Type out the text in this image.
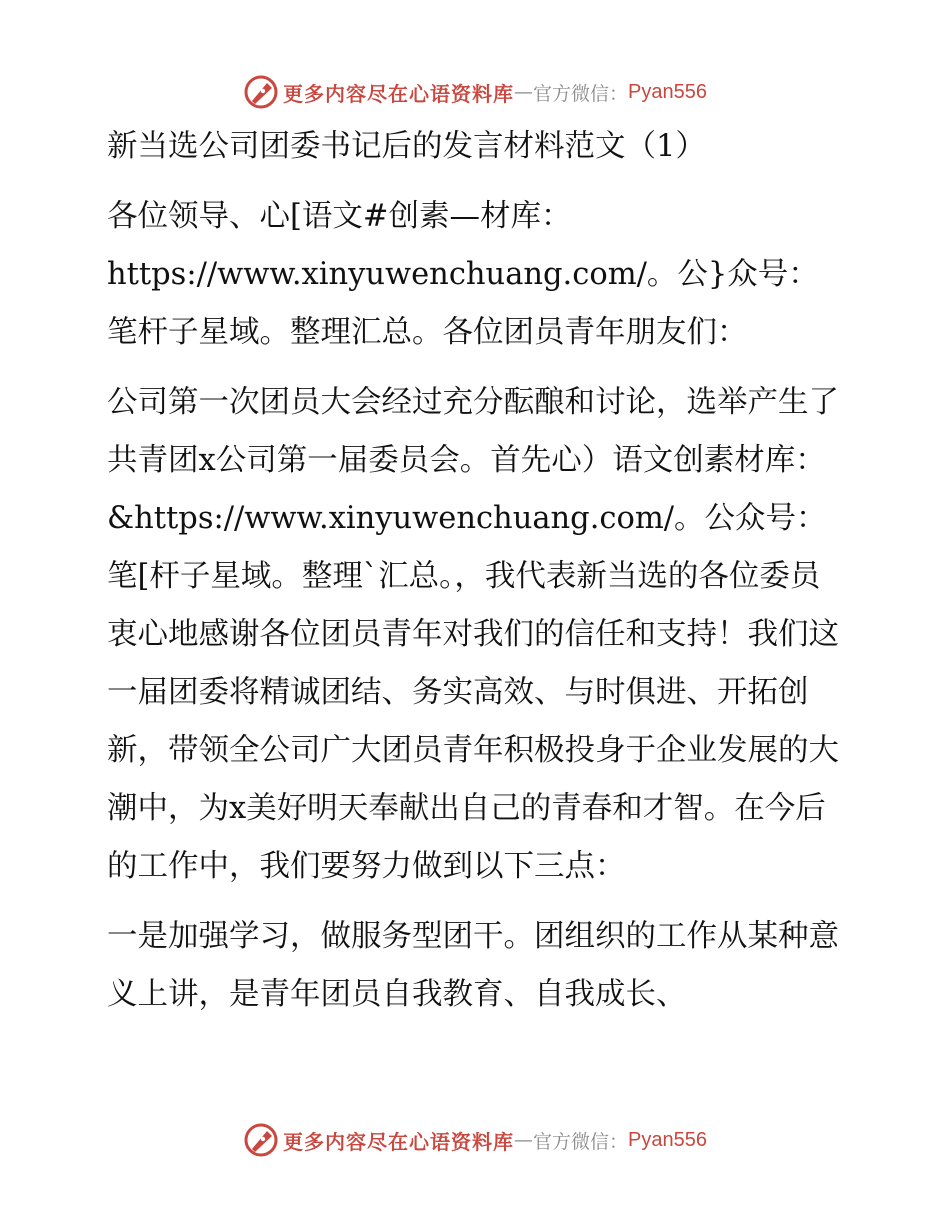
更多内容尽在心语资料库 — 官方微信： Pyan556

新当选公司团委书记后的发言材料范文（1）

各位领导、心[语文#创素—材库：https://www.xinyuwenchuang.com/。公}众号：笔杆子星域。整理汇总。各位团员青年朋友们：

公司第一次团员大会经过充分酝酿和讨论，选举产生了共青团x公司第一届委员会。首先心）语文创素材库：&https://www.xinyuwenchuang.com/。公众号：笔[杆子星域。整理`汇总。，我代表新当选的各位委员衷心地感谢各位团员青年对我们的信任和支持！我们这一届团委将精诚团结、务实高效、与时俱进、开拓创新，带领全公司广大团员青年积极投身于企业发展的大潮中，为x美好明天奉献出自己的青春和才智。在今后的工作中，我们要努力做到以下三点：

一是加强学习，做服务型团干。团组织的工作从某种意义上讲，是青年团员自我教育、自我成长、

更多内容尽在心语资料库 — 官方微信： Pyan556
